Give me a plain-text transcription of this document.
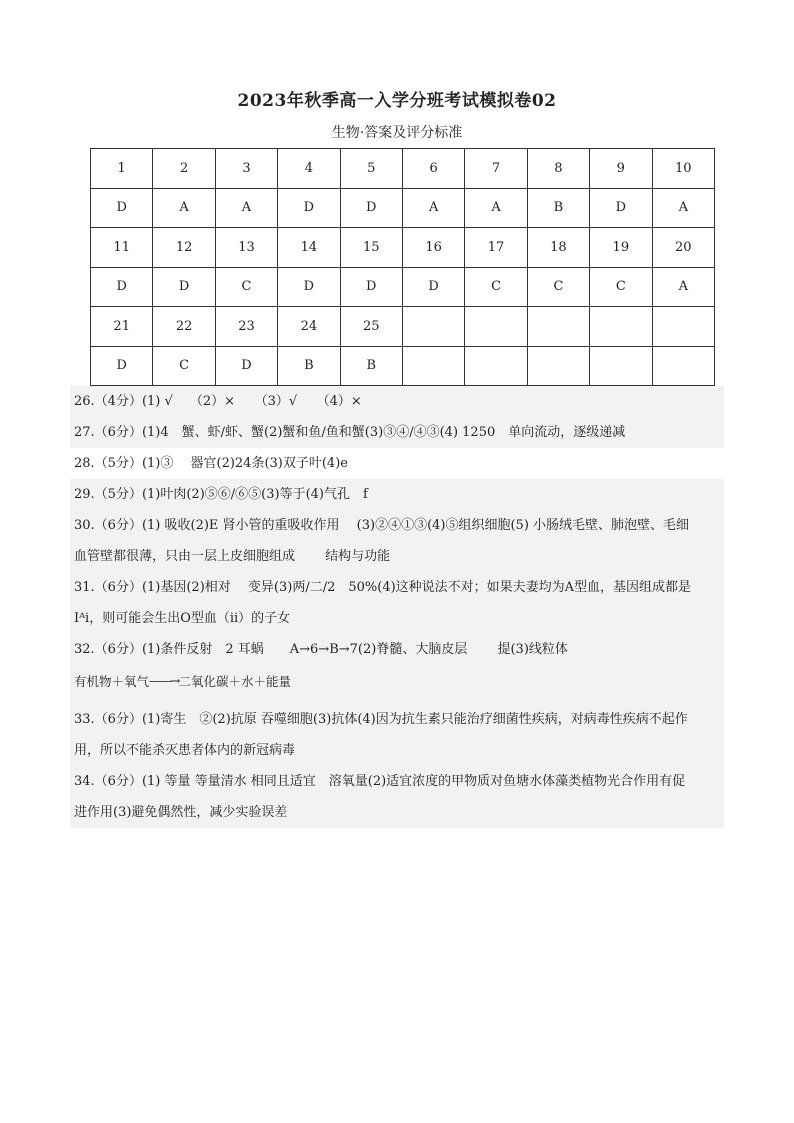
2023年秋季高一入学分班考试模拟卷02
生物·答案及评分标准
1	2	3	4	5	6	7	8	9	10
D	A	A	D	D	A	A	B	D	A
11	12	13	14	15	16	17	18	19	20
D	D	C	D	D	D	C	C	C	A
21	22	23	24	25					
D	C	D	B	B					
26.（4分）(1) √　 （2）×　　（3）√　　（4）×
27.（6分）(1)4　蟹、虾/虾、蟹(2)蟹和鱼/鱼和蟹(3)③④/④③(4) 1250　单向流动，逐级递减
28.（5分）(1)③　 器官(2)24条(3)双子叶(4)e
29.（5分）(1)叶肉(2)⑤⑥/⑥⑤(3)等于(4)气孔　f
30.（6分）(1) 吸收(2)E 肾小管的重吸收作用　 (3)②④①③(4)⑤组织细胞(5) 小肠绒毛壁、肺泡壁、毛细
血管壁都很薄，只由一层上皮细胞组成　　 结构与功能
31.（6分）(1)基因(2)相对　 变异(3)两/二/2　50%(4)这种说法不对；如果夫妻均为A型血，基因组成都是
Iᴬi，则可能会生出O型血（ii）的子女
32.（6分）(1)条件反射　2 耳蜗　　A→6→B→7(2)脊髓、大脑皮层　　 提(3)线粒体
有机物＋氧气——→二氧化碳＋水＋能量
33.（6分）(1)寄生　②(2)抗原 吞噬细胞(3)抗体(4)因为抗生素只能治疗细菌性疾病，对病毒性疾病不起作
用，所以不能杀灭患者体内的新冠病毒
34.（6分）(1) 等量 等量清水 相同且适宜　溶氧量(2)适宜浓度的甲物质对鱼塘水体藻类植物光合作用有促
进作用(3)避免偶然性，减少实验误差
